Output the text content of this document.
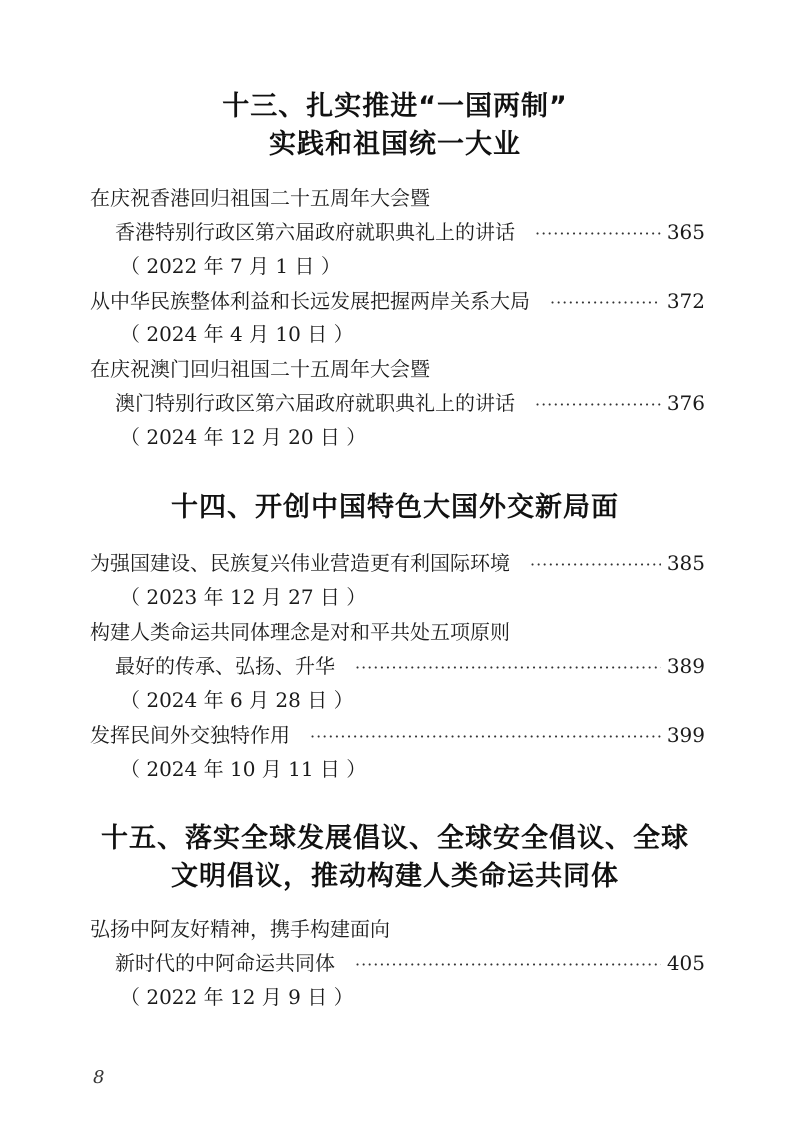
十三、扎实推进“一国两制”
实践和祖国统一大业
在庆祝香港回归祖国二十五周年大会暨
香港特别行政区第六届政府就职典礼上的讲话 ·····	365
（ 2022 年 7 月 1 日 ）
从中华民族整体利益和长远发展把握两岸关系大局 ·····	372
（ 2024 年 4 月 10 日 ）
在庆祝澳门回归祖国二十五周年大会暨
澳门特别行政区第六届政府就职典礼上的讲话 ·····	376
（ 2024 年 12 月 20 日 ）
十四、开创中国特色大国外交新局面
为强国建设、民族复兴伟业营造更有利国际环境 ·····	385
（ 2023 年 12 月 27 日 ）
构建人类命运共同体理念是对和平共处五项原则
最好的传承、弘扬、升华 ·····	389
（ 2024 年 6 月 28 日 ）
发挥民间外交独特作用 ·····	399
（ 2024 年 10 月 11 日 ）
十五、落实全球发展倡议、全球安全倡议、全球
文明倡议，推动构建人类命运共同体
弘扬中阿友好精神，携手构建面向
新时代的中阿命运共同体 ·····	405
（ 2022 年 12 月 9 日 ）
8
